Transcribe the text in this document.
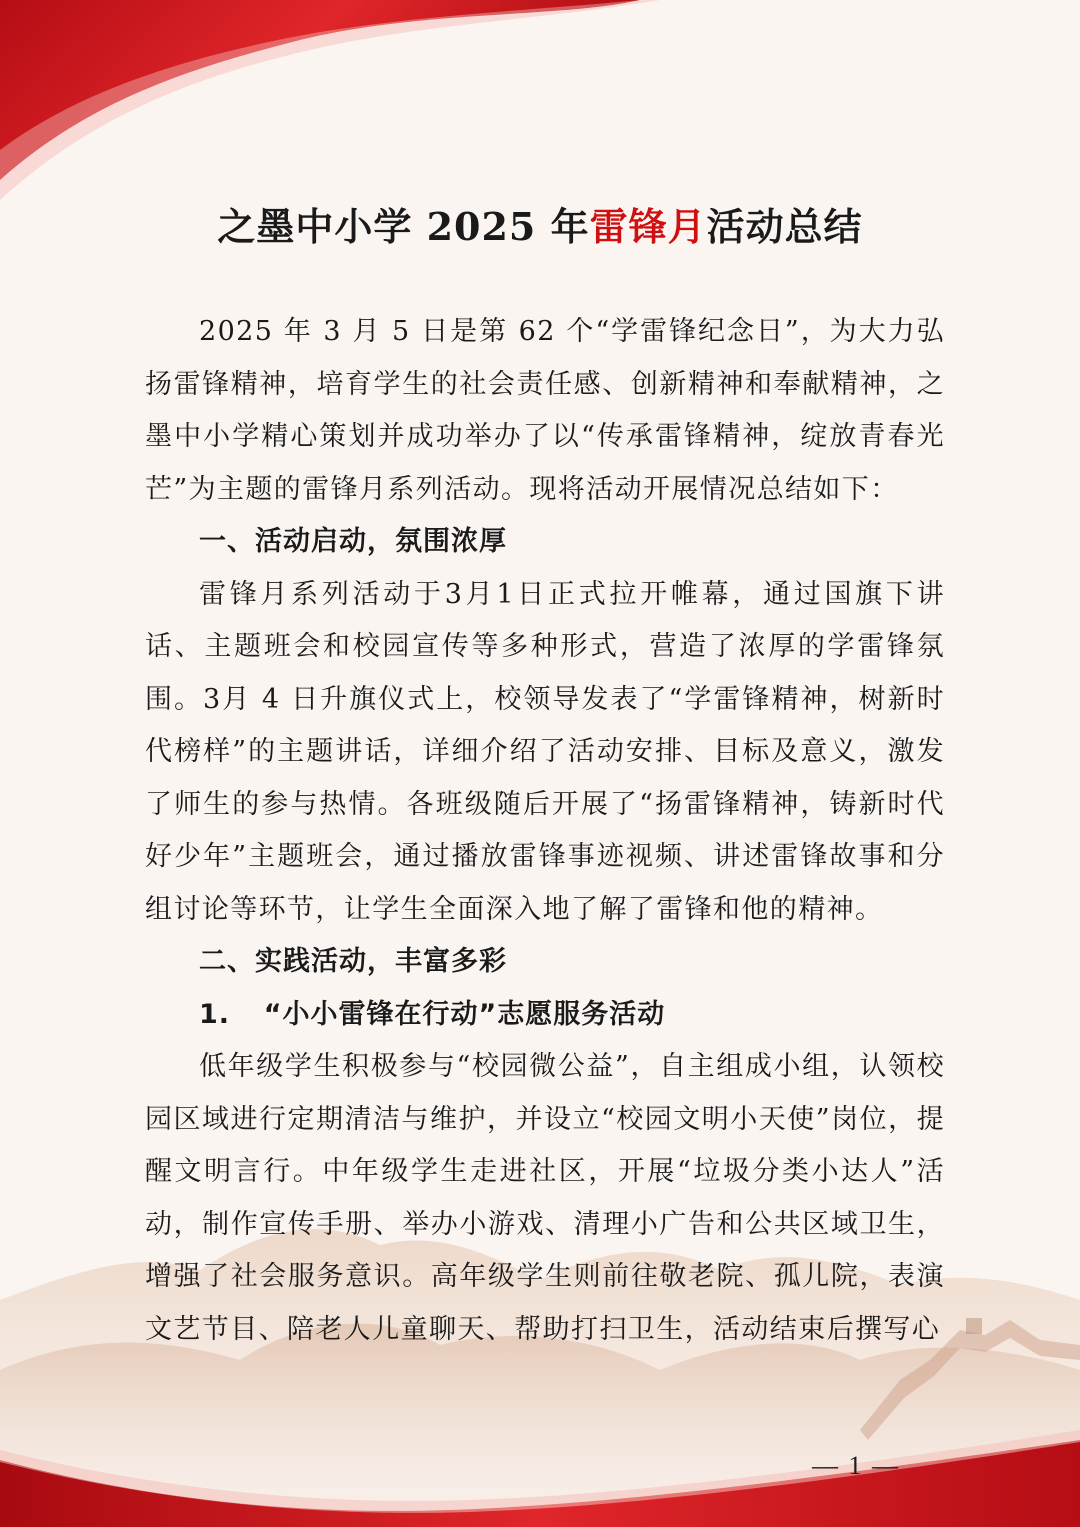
之墨中小学 2025 年雷锋月活动总结

2025 年 3 月 5 日是第 62 个“学雷锋纪念日”，为大力弘扬雷锋精神，培育学生的社会责任感、创新精神和奉献精神，之墨中小学精心策划并成功举办了以“传承雷锋精神，绽放青春光芒”为主题的雷锋月系列活动。现将活动开展情况总结如下：

一、活动启动，氛围浓厚

雷锋月系列活动于3月1日正式拉开帷幕，通过国旗下讲话、主题班会和校园宣传等多种形式，营造了浓厚的学雷锋氛围。3月 4 日升旗仪式上，校领导发表了“学雷锋精神，树新时代榜样”的主题讲话，详细介绍了活动安排、目标及意义，激发了师生的参与热情。各班级随后开展了“扬雷锋精神，铸新时代好少年”主题班会，通过播放雷锋事迹视频、讲述雷锋故事和分组讨论等环节，让学生全面深入地了解了雷锋和他的精神。

二、实践活动，丰富多彩

1. “小小雷锋在行动”志愿服务活动

低年级学生积极参与“校园微公益”，自主组成小组，认领校园区域进行定期清洁与维护，并设立“校园文明小天使”岗位，提醒文明言行。中年级学生走进社区，开展“垃圾分类小达人”活动，制作宣传手册、举办小游戏、清理小广告和公共区域卫生，增强了社会服务意识。高年级学生则前往敬老院、孤儿院，表演文艺节目、陪老人儿童聊天、帮助打扫卫生，活动结束后撰写心

— 1 —
